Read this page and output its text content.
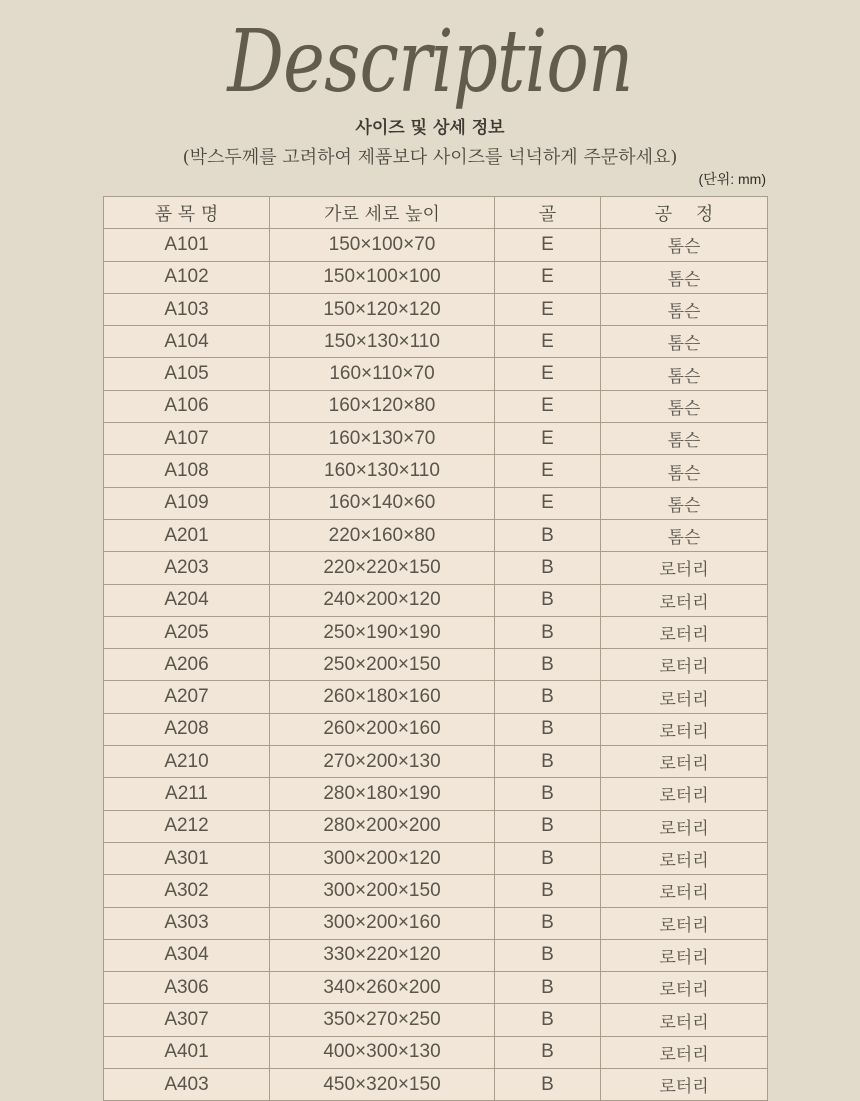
Description
사이즈 및 상세 정보
(박스두께를 고려하여 제품보다 사이즈를 넉넉하게 주문하세요)
(단위: mm)
품 목 명	가로 세로 높이	골	공　 정
A101	150×100×70	E	톰슨
A102	150×100×100	E	톰슨
A103	150×120×120	E	톰슨
A104	150×130×110	E	톰슨
A105	160×110×70	E	톰슨
A106	160×120×80	E	톰슨
A107	160×130×70	E	톰슨
A108	160×130×110	E	톰슨
A109	160×140×60	E	톰슨
A201	220×160×80	B	톰슨
A203	220×220×150	B	로터리
A204	240×200×120	B	로터리
A205	250×190×190	B	로터리
A206	250×200×150	B	로터리
A207	260×180×160	B	로터리
A208	260×200×160	B	로터리
A210	270×200×130	B	로터리
A211	280×180×190	B	로터리
A212	280×200×200	B	로터리
A301	300×200×120	B	로터리
A302	300×200×150	B	로터리
A303	300×200×160	B	로터리
A304	330×220×120	B	로터리
A306	340×260×200	B	로터리
A307	350×270×250	B	로터리
A401	400×300×130	B	로터리
A403	450×320×150	B	로터리
